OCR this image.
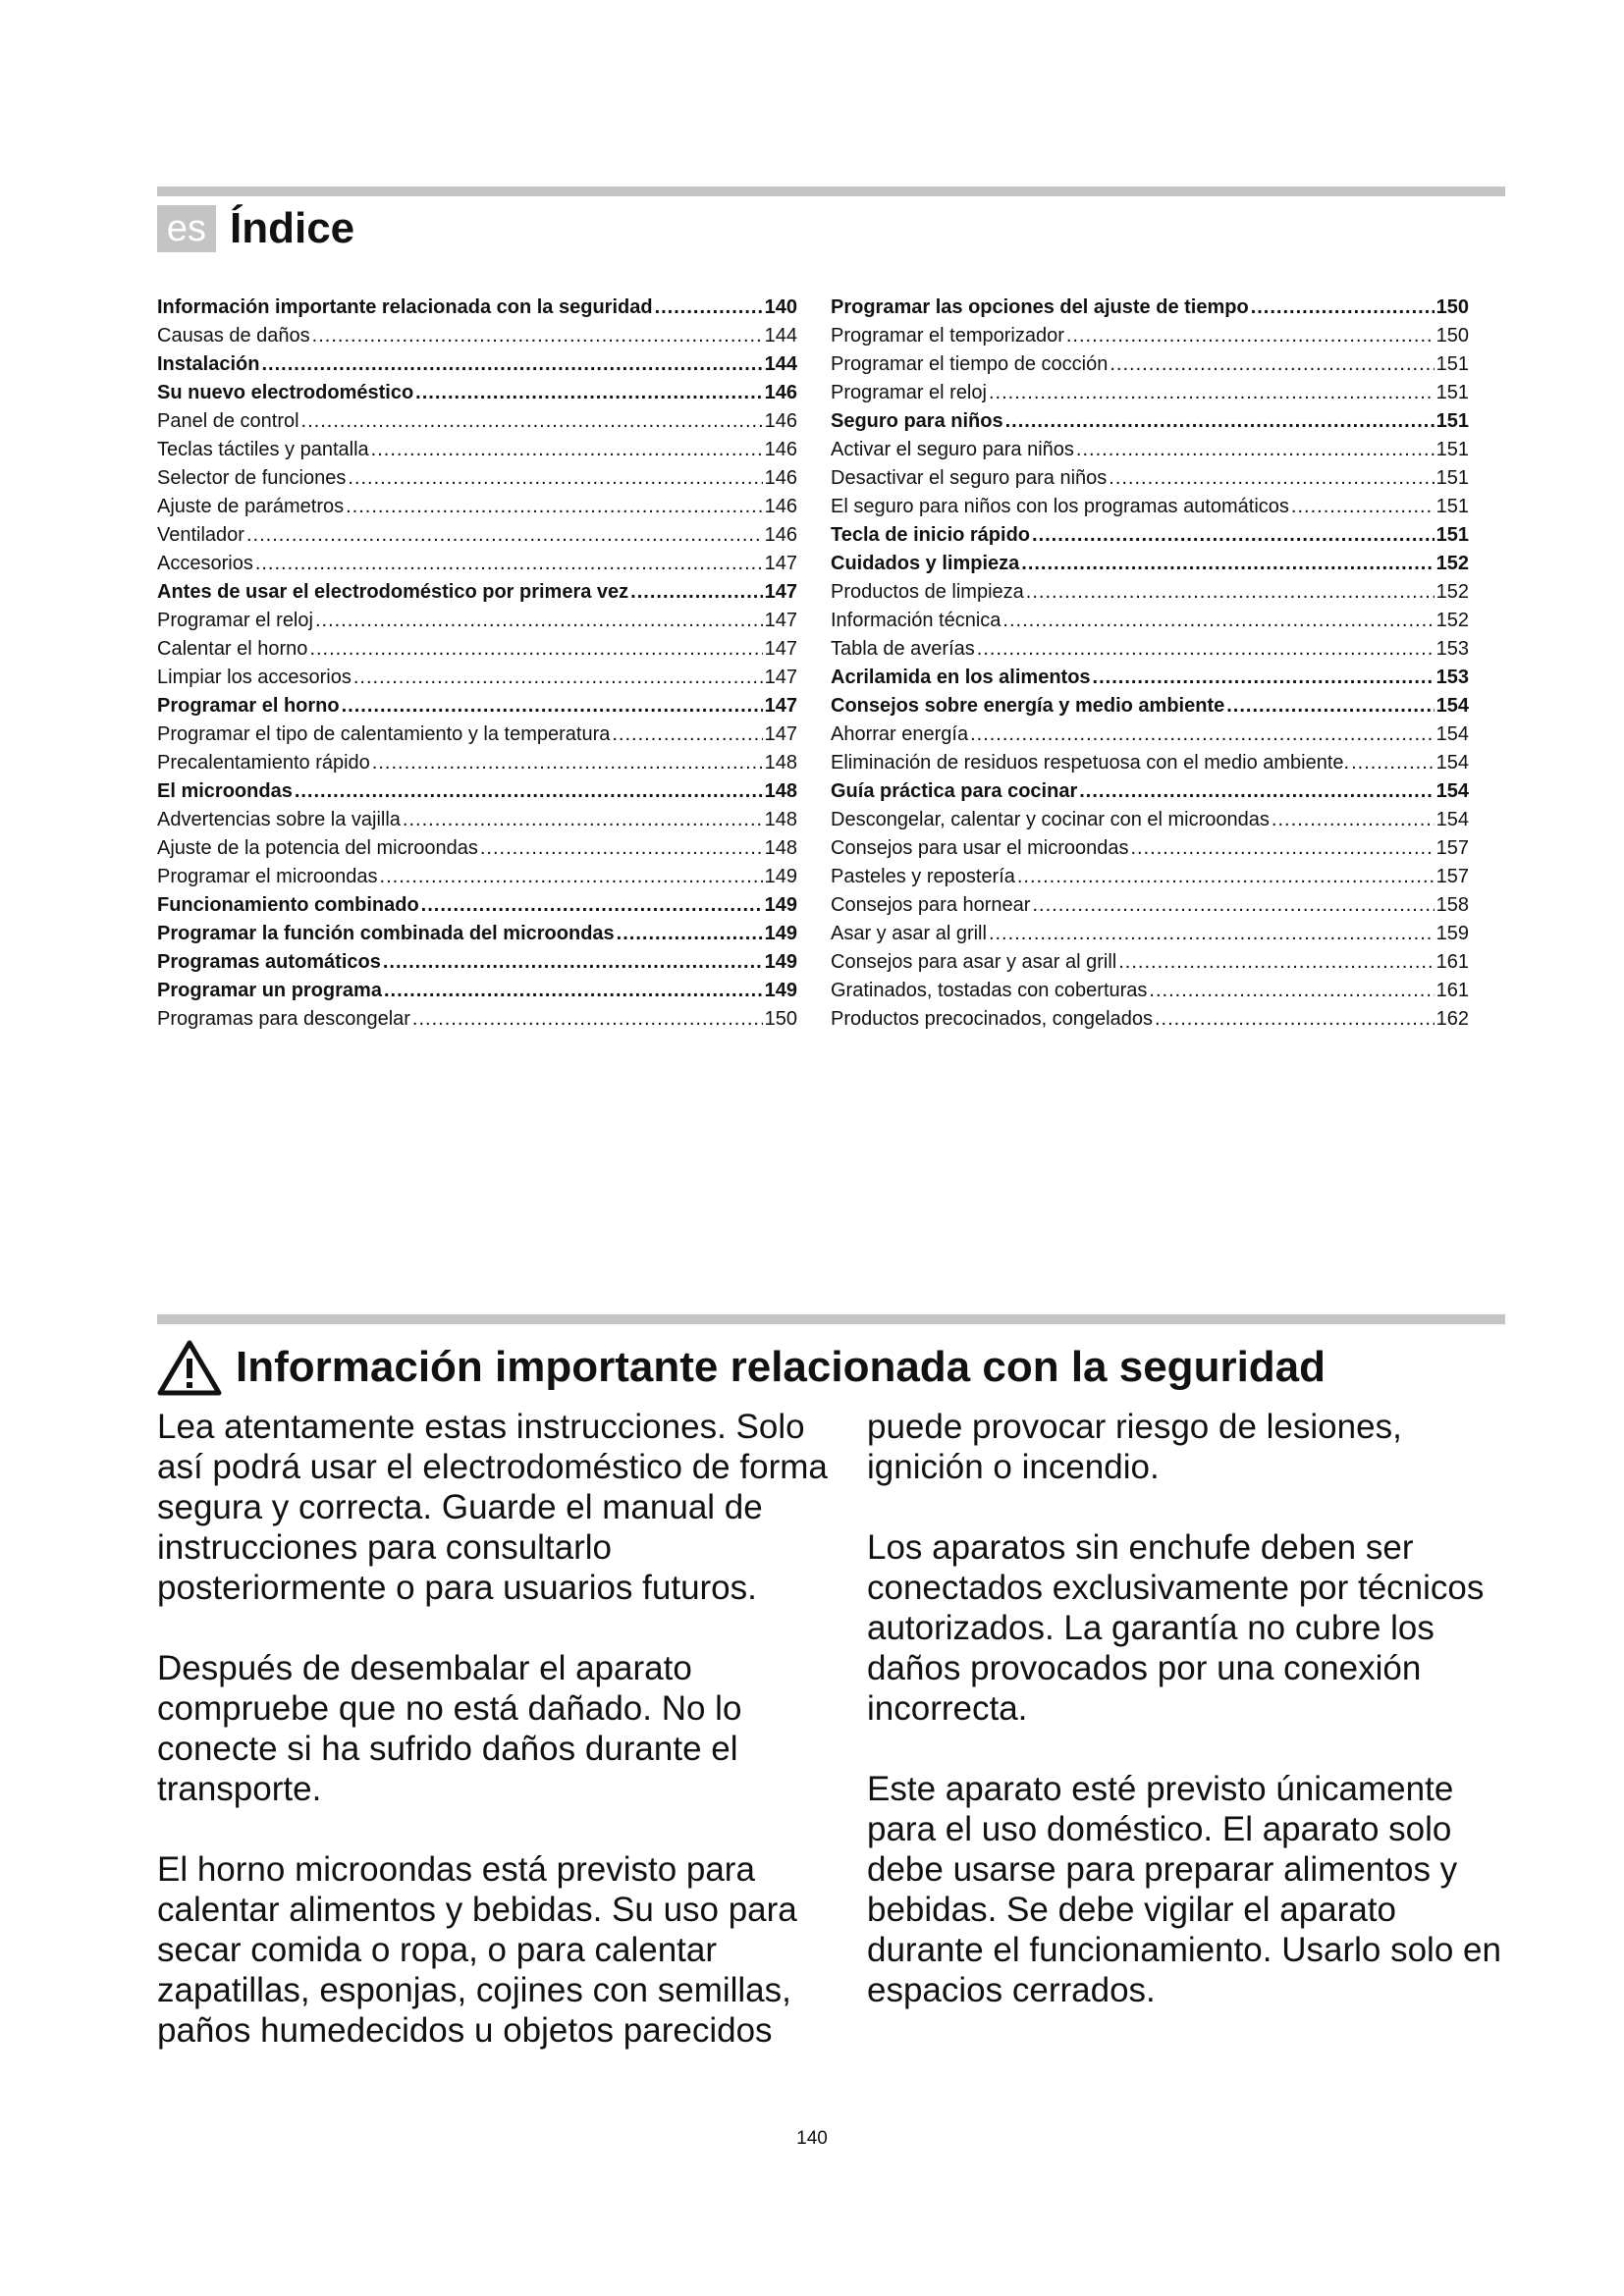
es Índice
Información importante relacionada con la seguridad .....	140
Causas de daños .....	144
Instalación .....	144
Su nuevo electrodoméstico .....	146
Panel de control .....	146
Teclas táctiles y pantalla .....	146
Selector de funciones .....	146
Ajuste de parámetros .....	146
Ventilador .....	146
Accesorios .....	147
Antes de usar el electrodoméstico por primera vez .....	147
Programar el reloj .....	147
Calentar el horno .....	147
Limpiar los accesorios .....	147
Programar el horno .....	147
Programar el tipo de calentamiento y la temperatura .....	147
Precalentamiento rápido .....	148
El microondas .....	148
Advertencias sobre la vajilla .....	148
Ajuste de la potencia del microondas .....	148
Programar el microondas .....	149
Funcionamiento combinado .....	149
Programar la función combinada del microondas .....	149
Programas automáticos .....	149
Programar un programa .....	149
Programas para descongelar .....	150
Programar las opciones del ajuste de tiempo .....	150
Programar el temporizador .....	150
Programar el tiempo de cocción .....	151
Programar el reloj .....	151
Seguro para niños .....	151
Activar el seguro para niños .....	151
Desactivar el seguro para niños .....	151
El seguro para niños con los programas automáticos .....	151
Tecla de inicio rápido .....	151
Cuidados y limpieza .....	152
Productos de limpieza .....	152
Información técnica .....	152
Tabla de averías .....	153
Acrilamida en los alimentos .....	153
Consejos sobre energía y medio ambiente .....	154
Ahorrar energía .....	154
Eliminación de residuos respetuosa con el medio ambiente. .....	154
Guía práctica para cocinar .....	154
Descongelar, calentar y cocinar con el microondas .....	154
Consejos para usar el microondas .....	157
Pasteles y repostería .....	157
Consejos para hornear .....	158
Asar y asar al grill .....	159
Consejos para asar y asar al grill .....	161
Gratinados, tostadas con coberturas .....	161
Productos precocinados, congelados .....	162
Información importante relacionada con la seguridad

Lea atentamente estas instrucciones. Solo así podrá usar el electrodoméstico de forma segura y correcta. Guarde el manual de instrucciones para consultarlo posteriormente o para usuarios futuros.

Después de desembalar el aparato compruebe que no está dañado. No lo conecte si ha sufrido daños durante el transporte.

El horno microondas está previsto para calentar alimentos y bebidas. Su uso para secar comida o ropa, o para calentar zapatillas, esponjas, cojines con semillas, paños humedecidos u objetos parecidos

puede provocar riesgo de lesiones, ignición o incendio.

Los aparatos sin enchufe deben ser conectados exclusivamente por técnicos autorizados. La garantía no cubre los daños provocados por una conexión incorrecta.

Este aparato esté previsto únicamente para el uso doméstico. El aparato solo debe usarse para preparar alimentos y bebidas. Se debe vigilar el aparato durante el funcionamiento. Usarlo solo en espacios cerrados.

140
